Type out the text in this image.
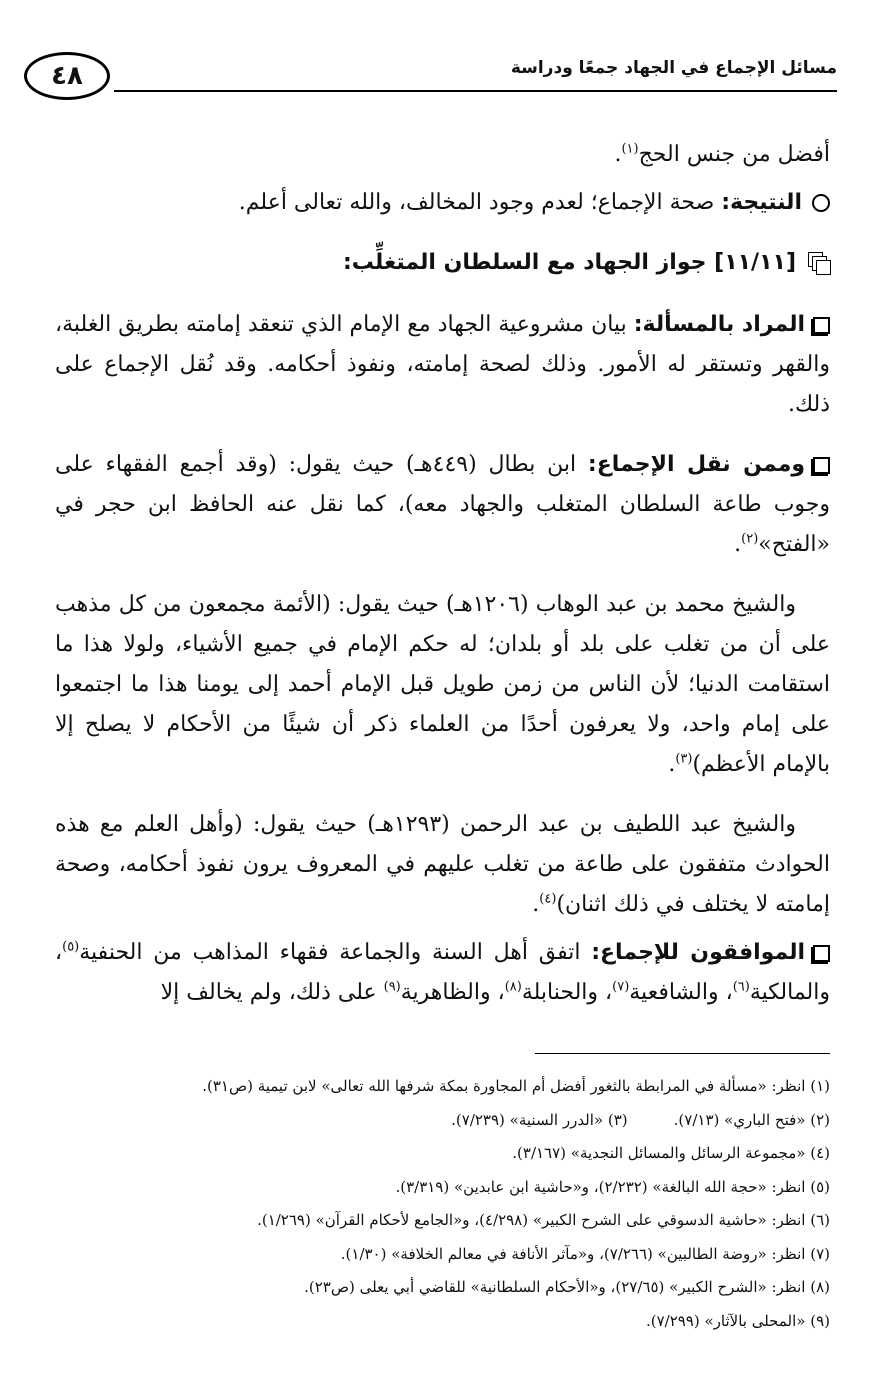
مسائل الإجماع في الجهاد جمعًا ودراسة
٤٨

أفضل من جنس الحج$^{(١)}$.

النتيجة: صحة الإجماع؛ لعدم وجود المخالف، والله تعالى أعلم.

[١١/١١] جواز الجهاد مع السلطان المتغلِّب:

المراد بالمسألة: بيان مشروعية الجهاد مع الإمام الذي تنعقد إمامته بطريق الغلبة، والقهر وتستقر له الأمور. وذلك لصحة إمامته، ونفوذ أحكامه. وقد نُقل الإجماع على ذلك.

وممن نقل الإجماع: ابن بطال (٤٤٩هـ) حيث يقول: (وقد أجمع الفقهاء على وجوب طاعة السلطان المتغلب والجهاد معه)، كما نقل عنه الحافظ ابن حجر في «الفتح»$^{(٢)}$.

والشيخ محمد بن عبد الوهاب (١٢٠٦هـ) حيث يقول: (الأئمة مجمعون من كل مذهب على أن من تغلب على بلد أو بلدان؛ له حكم الإمام في جميع الأشياء، ولولا هذا ما استقامت الدنيا؛ لأن الناس من زمن طويل قبل الإمام أحمد إلى يومنا هذا ما اجتمعوا على إمام واحد، ولا يعرفون أحدًا من العلماء ذكر أن شيئًا من الأحكام لا يصلح إلا بالإمام الأعظم)$^{(٣)}$.

والشيخ عبد اللطيف بن عبد الرحمن (١٢٩٣هـ) حيث يقول: (وأهل العلم مع هذه الحوادث متفقون على طاعة من تغلب عليهم في المعروف يرون نفوذ أحكامه، وصحة إمامته لا يختلف في ذلك اثنان)$^{(٤)}$.

الموافقون للإجماع: اتفق أهل السنة والجماعة فقهاء المذاهب من الحنفية$^{(٥)}$، والمالكية$^{(٦)}$، والشافعية$^{(٧)}$، والحنابلة$^{(٨)}$، والظاهرية$^{(٩)}$ على ذلك، ولم يخالف إلا

(١) انظر: «مسألة في المرابطة بالثغور أفضل أم المجاورة بمكة شرفها الله تعالى» لابن تيمية (ص٣١).
(٢) «فتح الباري» (٧/١٣).(٣) «الدرر السنية» (٧/٢٣٩).
(٤) «مجموعة الرسائل والمسائل النجدية» (٣/١٦٧).
(٥) انظر: «حجة الله البالغة» (٢/٢٣٢)، و«حاشية ابن عابدين» (٣/٣١٩).
(٦) انظر: «حاشية الدسوقي على الشرح الكبير» (٤/٢٩٨)، و«الجامع لأحكام القرآن» (١/٢٦٩).
(٧) انظر: «روضة الطالبين» (٧/٢٦٦)، و«مآثر الأنافة في معالم الخلافة» (١/٣٠).
(٨) انظر: «الشرح الكبير» (٢٧/٦٥)، و«الأحكام السلطانية» للقاضي أبي يعلى (ص٢٣).
(٩) «المحلى بالآثار» (٧/٢٩٩).
